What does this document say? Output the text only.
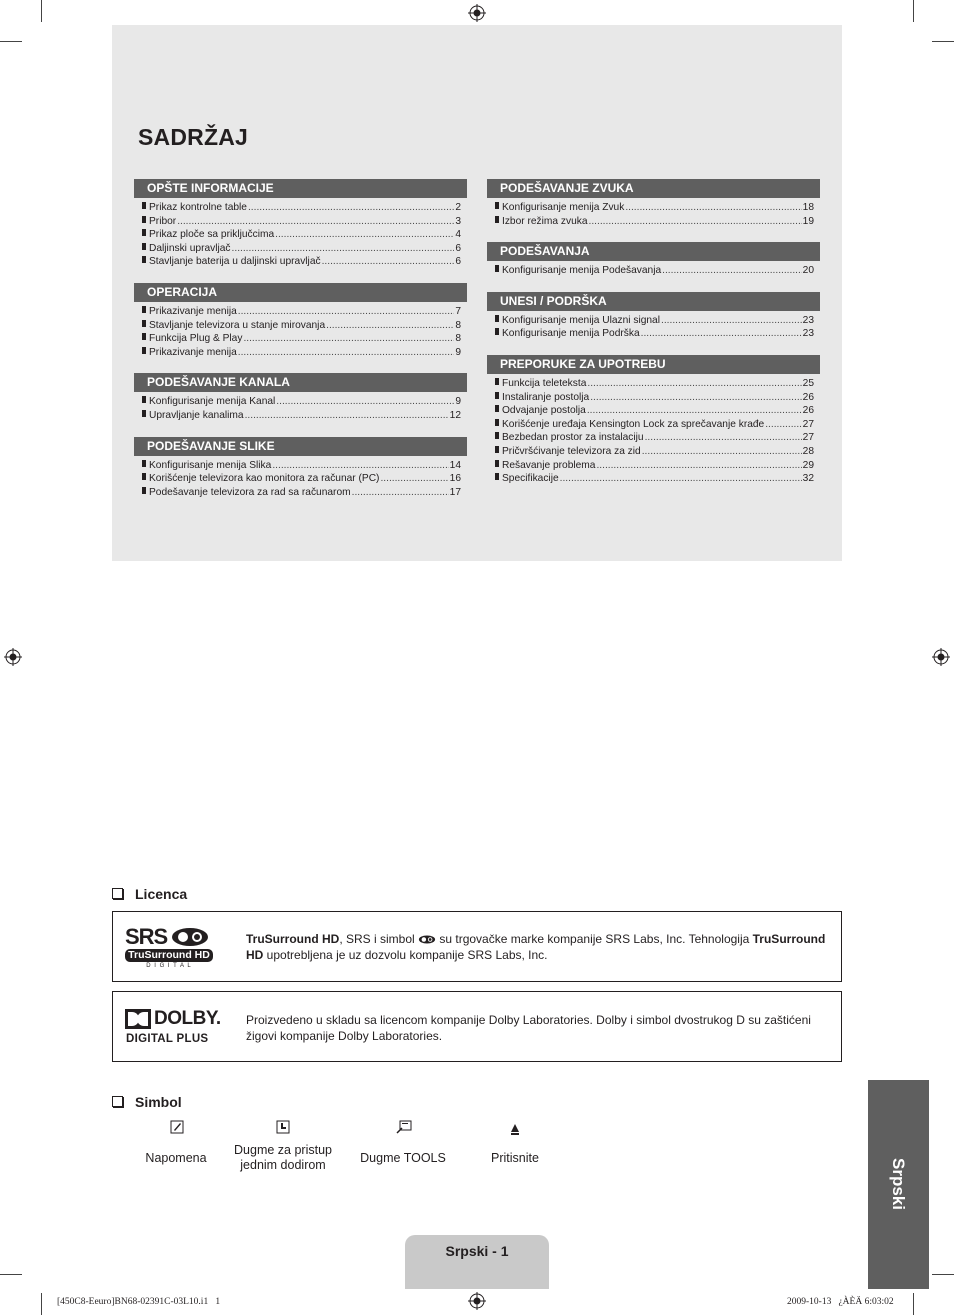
SADRŽAJ
OPŠTE INFORMACIJE
Prikaz kontrolne table .....	2
Pribor .....	3
Prikaz ploče sa priključcima .....	4
Daljinski upravljač .....	6
Stavljanje baterija u daljinski upravljač .....	6
OPERACIJA
Prikazivanje menija .....	7
Stavljanje televizora u stanje mirovanja .....	8
Funkcija Plug & Play .....	8
Prikazivanje menija .....	9
PODEŠAVANJE KANALA
Konfigurisanje menija Kanal .....	9
Upravljanje kanalima .....	12
PODEŠAVANJE SLIKE
Konfigurisanje menija Slika .....	14
Korišćenje televizora kao monitora za računar (PC) .....	16
Podešavanje televizora za rad sa računarom .....	17
PODEŠAVANJE ZVUKA
Konfigurisanje menija Zvuk .....	18
Izbor režima zvuka .....	19
PODEŠAVANJA
Konfigurisanje menija Podešavanja .....	20
UNESI / PODRŠKA
Konfigurisanje menija Ulazni signal .....	23
Konfigurisanje menija Podrška .....	23
PREPORUKE ZA UPOTREBU
Funkcija teleteksta .....	25
Instaliranje postolja .....	26
Odvajanje postolja .....	26
Korišćenje uređaja Kensington Lock za sprečavanje krađe .....	27
Bezbedan prostor za instalaciju .....	27
Pričvršćivanje televizora za zid .....	28
Rešavanje problema .....	29
Specifikacije .....	32
Licenca
SRS
TruSurround HD
D I G I T A L
TruSurround HD, SRS i simbol  su trgovačke marke kompanije SRS Labs, Inc. Tehnologija TruSurround HD upotrebljena je uz dozvolu kompanije SRS Labs, Inc.
DOLBY.
DIGITAL PLUS
Proizvedeno u skladu sa licencom kompanije Dolby Laboratories. Dolby i simbol dvostrukog D su zaštićeni žigovi kompanije Dolby Laboratories.
Simbol
Napomena
Dugme za pristup
jednim dodirom	Dugme TOOLS	Pritisnite
Srpski
Srpski - 1
[450C8-Eeuro]BN68-02391C-03L10.i1   1	2009-10-13   ¿ÀÈÄ 6:03:02
